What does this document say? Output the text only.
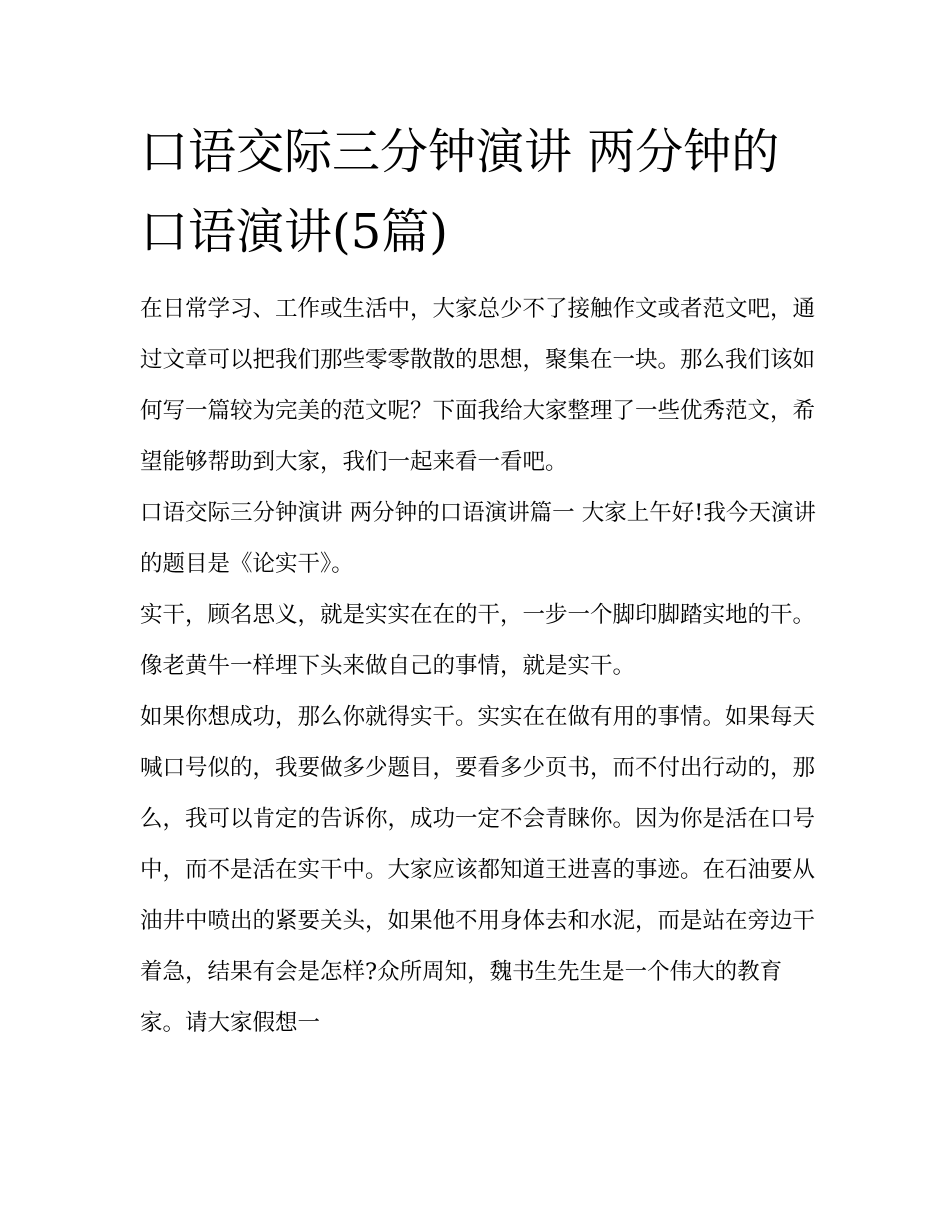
口语交际三分钟演讲 两分钟的口语演讲(5篇)

在日常学习、工作或生活中，大家总少不了接触作文或者范文吧，通过文章可以把我们那些零零散散的思想，聚集在一块。那么我们该如何写一篇较为完美的范文呢？下面我给大家整理了一些优秀范文，希望能够帮助到大家，我们一起来看一看吧。

口语交际三分钟演讲 两分钟的口语演讲篇一 大家上午好!我今天演讲的题目是《论实干》。

实干，顾名思义，就是实实在在的干，一步一个脚印脚踏实地的干。像老黄牛一样埋下头来做自己的事情，就是实干。

如果你想成功，那么你就得实干。实实在在做有用的事情。如果每天喊口号似的，我要做多少题目，要看多少页书，而不付出行动的，那么，我可以肯定的告诉你，成功一定不会青睐你。因为你是活在口号中，而不是活在实干中。大家应该都知道王进喜的事迹。在石油要从油井中喷出的紧要关头，如果他不用身体去和水泥，而是站在旁边干着急，结果有会是怎样?众所周知，魏书生先生是一个伟大的教育家。请大家假想一
